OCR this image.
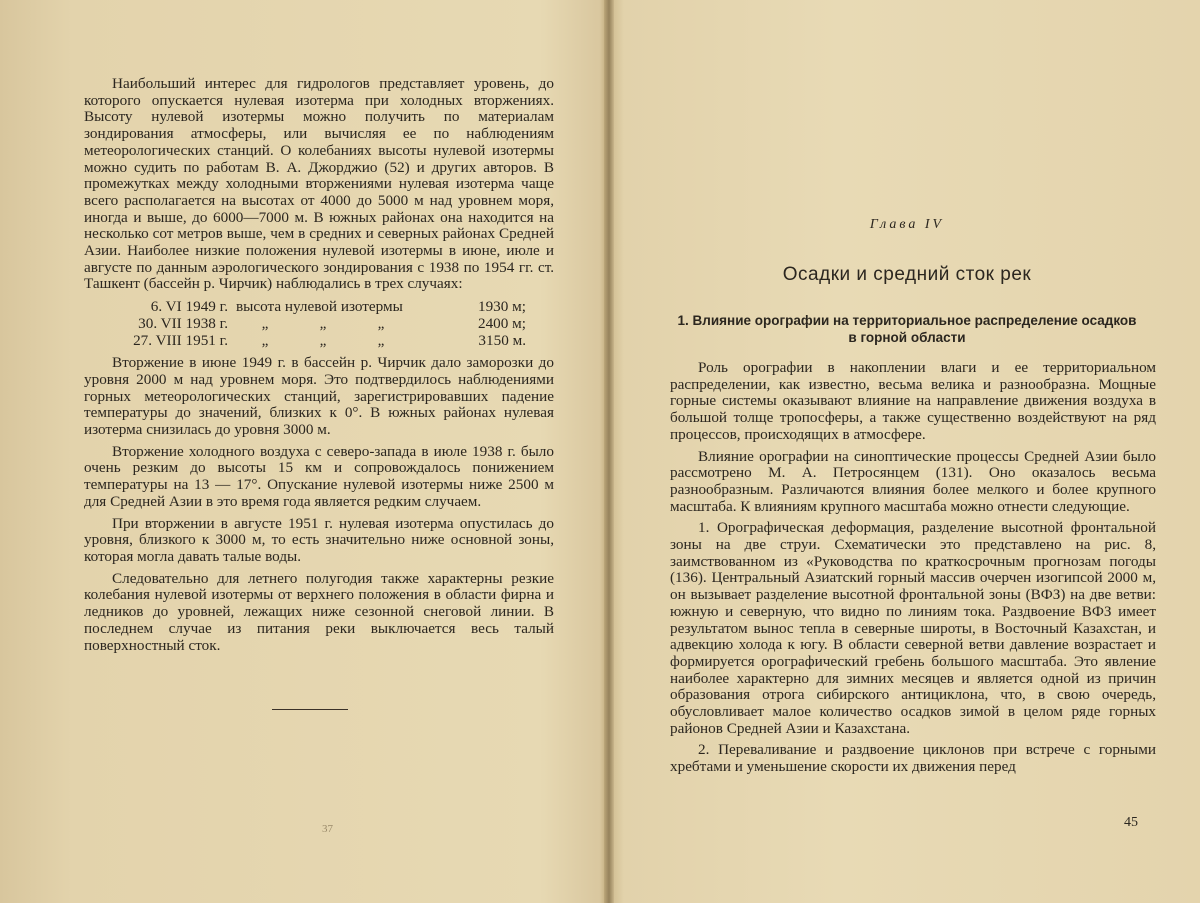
Наибольший интерес для гидрологов представляет уровень, до которого опускается нулевая изотерма при холодных вторжениях. Высоту нулевой изотермы можно получить по материалам зондирования атмосферы, или вычисляя ее по наблюдениям метеорологических станций. О колебаниях высоты нулевой изотермы можно судить по работам В. А. Джорджио (52) и других авторов. В промежутках между холодными вторжениями нулевая изотерма чаще всего располагается на высотах от 4000 до 5000 м над уровнем моря, иногда и выше, до 6000—7000 м. В южных районах она находится на несколько сот метров выше, чем в средних и северных районах Средней Азии. Наиболее низкие положения нулевой изотермы в июне, июле и августе по данным аэрологического зондирования с 1938 по 1954 гг. ст. Ташкент (бассейн р. Чирчик) наблюдались в трех случаях:

6. VI 1949 г.	высота нулевой изотермы	1930 м;
30. VII 1938 г.	„ „ „	2400 м;
27. VIII 1951 г.	„ „ „	3150 м.

Вторжение в июне 1949 г. в бассейн р. Чирчик дало заморозки до уровня 2000 м над уровнем моря. Это подтвердилось наблюдениями горных метеорологических станций, зарегистрировавших падение температуры до значений, близких к 0°. В южных районах нулевая изотерма снизилась до уровня 3000 м.

Вторжение холодного воздуха с северо-запада в июле 1938 г. было очень резким до высоты 15 км и сопровождалось понижением температуры на 13 — 17°. Опускание нулевой изотермы ниже 2500 м для Средней Азии в это время года является редким случаем.

При вторжении в августе 1951 г. нулевая изотерма опустилась до уровня, близкого к 3000 м, то есть значительно ниже основной зоны, которая могла давать талые воды.

Следовательно для летнего полугодия также характерны резкие колебания нулевой изотермы от верхнего положения в области фирна и ледников до уровней, лежащих ниже сезонной снеговой линии. В последнем случае из питания реки выключается весь талый поверхностный сток.

37
Глава IV
Осадки и средний сток рек
1. Влияние орографии на территориальное распределение осадков
в горной области

Роль орографии в накоплении влаги и ее территориальном распределении, как известно, весьма велика и разнообразна. Мощные горные системы оказывают влияние на направление движения воздуха в большой толще тропосферы, а также существенно воздействуют на ряд процессов, происходящих в атмосфере.

Влияние орографии на синоптические процессы Средней Азии было рассмотрено М. А. Петросянцем (131). Оно оказалось весьма разнообразным. Различаются влияния более мелкого и более крупного масштаба. К влияниям крупного масштаба можно отнести следующие.

1. Орографическая деформация, разделение высотной фронтальной зоны на две струи. Схематически это представлено на рис. 8, заимствованном из «Руководства по краткосрочным прогнозам погоды (136). Центральный Азиатский горный массив очерчен изогипсой 2000 м, он вызывает разделение высотной фронтальной зоны (ВФЗ) на две ветви: южную и северную, что видно по линиям тока. Раздвоение ВФЗ имеет результатом вынос тепла в северные широты, в Восточный Казахстан, и адвекцию холода к югу. В области северной ветви давление возрастает и формируется орографический гребень большого масштаба. Это явление наиболее характерно для зимних месяцев и является одной из причин образования отрога сибирского антициклона, что, в свою очередь, обусловливает малое количество осадков зимой в целом ряде горных районов Средней Азии и Казахстана.

2. Переваливание и раздвоение циклонов при встрече с горными хребтами и уменьшение скорости их движения перед

45
